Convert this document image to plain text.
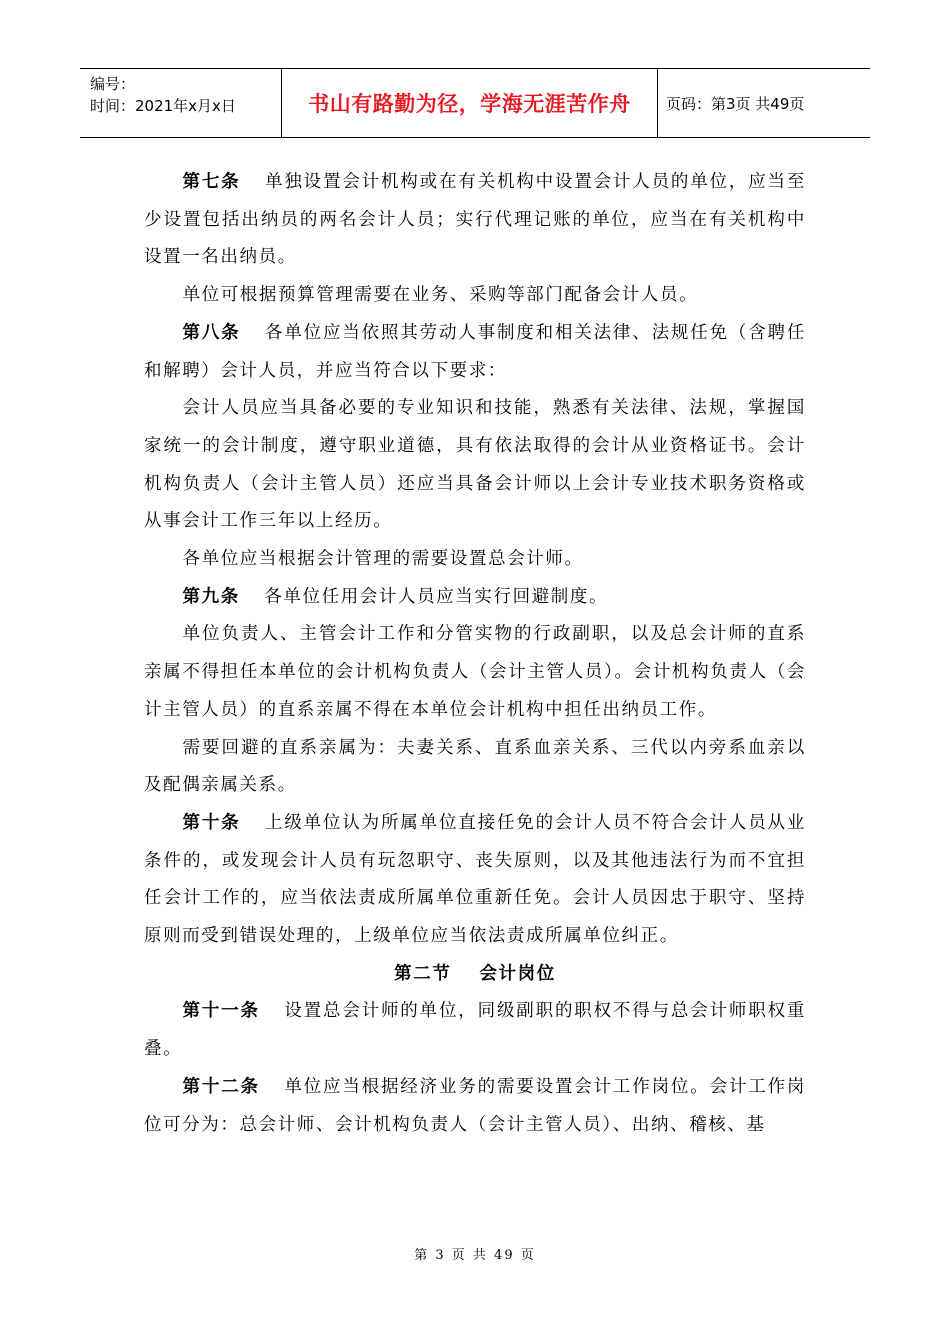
编号：
时间：2021年x月x日	书山有路勤为径，学海无涯苦作舟 页码：第3页 共49页

第七条 单独设置会计机构或在有关机构中设置会计人员的单位，应当至少设置包括出纳员的两名会计人员；实行代理记账的单位，应当在有关机构中设置一名出纳员。

单位可根据预算管理需要在业务、采购等部门配备会计人员。

第八条 各单位应当依照其劳动人事制度和相关法律、法规任免（含聘任和解聘）会计人员，并应当符合以下要求：

会计人员应当具备必要的专业知识和技能，熟悉有关法律、法规，掌握国家统一的会计制度，遵守职业道德，具有依法取得的会计从业资格证书。会计机构负责人（会计主管人员）还应当具备会计师以上会计专业技术职务资格或从事会计工作三年以上经历。

各单位应当根据会计管理的需要设置总会计师。

第九条 各单位任用会计人员应当实行回避制度。

单位负责人、主管会计工作和分管实物的行政副职，以及总会计师的直系亲属不得担任本单位的会计机构负责人（会计主管人员）。会计机构负责人（会计主管人员）的直系亲属不得在本单位会计机构中担任出纳员工作。

需要回避的直系亲属为：夫妻关系、直系血亲关系、三代以内旁系血亲以及配偶亲属关系。

第十条 上级单位认为所属单位直接任免的会计人员不符合会计人员从业条件的，或发现会计人员有玩忽职守、丧失原则，以及其他违法行为而不宜担任会计工作的，应当依法责成所属单位重新任免。会计人员因忠于职守、坚持原则而受到错误处理的，上级单位应当依法责成所属单位纠正。

第二节 会计岗位

第十一条 设置总会计师的单位，同级副职的职权不得与总会计师职权重叠。

第十二条 单位应当根据经济业务的需要设置会计工作岗位。会计工作岗位可分为：总会计师、会计机构负责人（会计主管人员）、出纳、稽核、基

第 3 页 共 49 页
